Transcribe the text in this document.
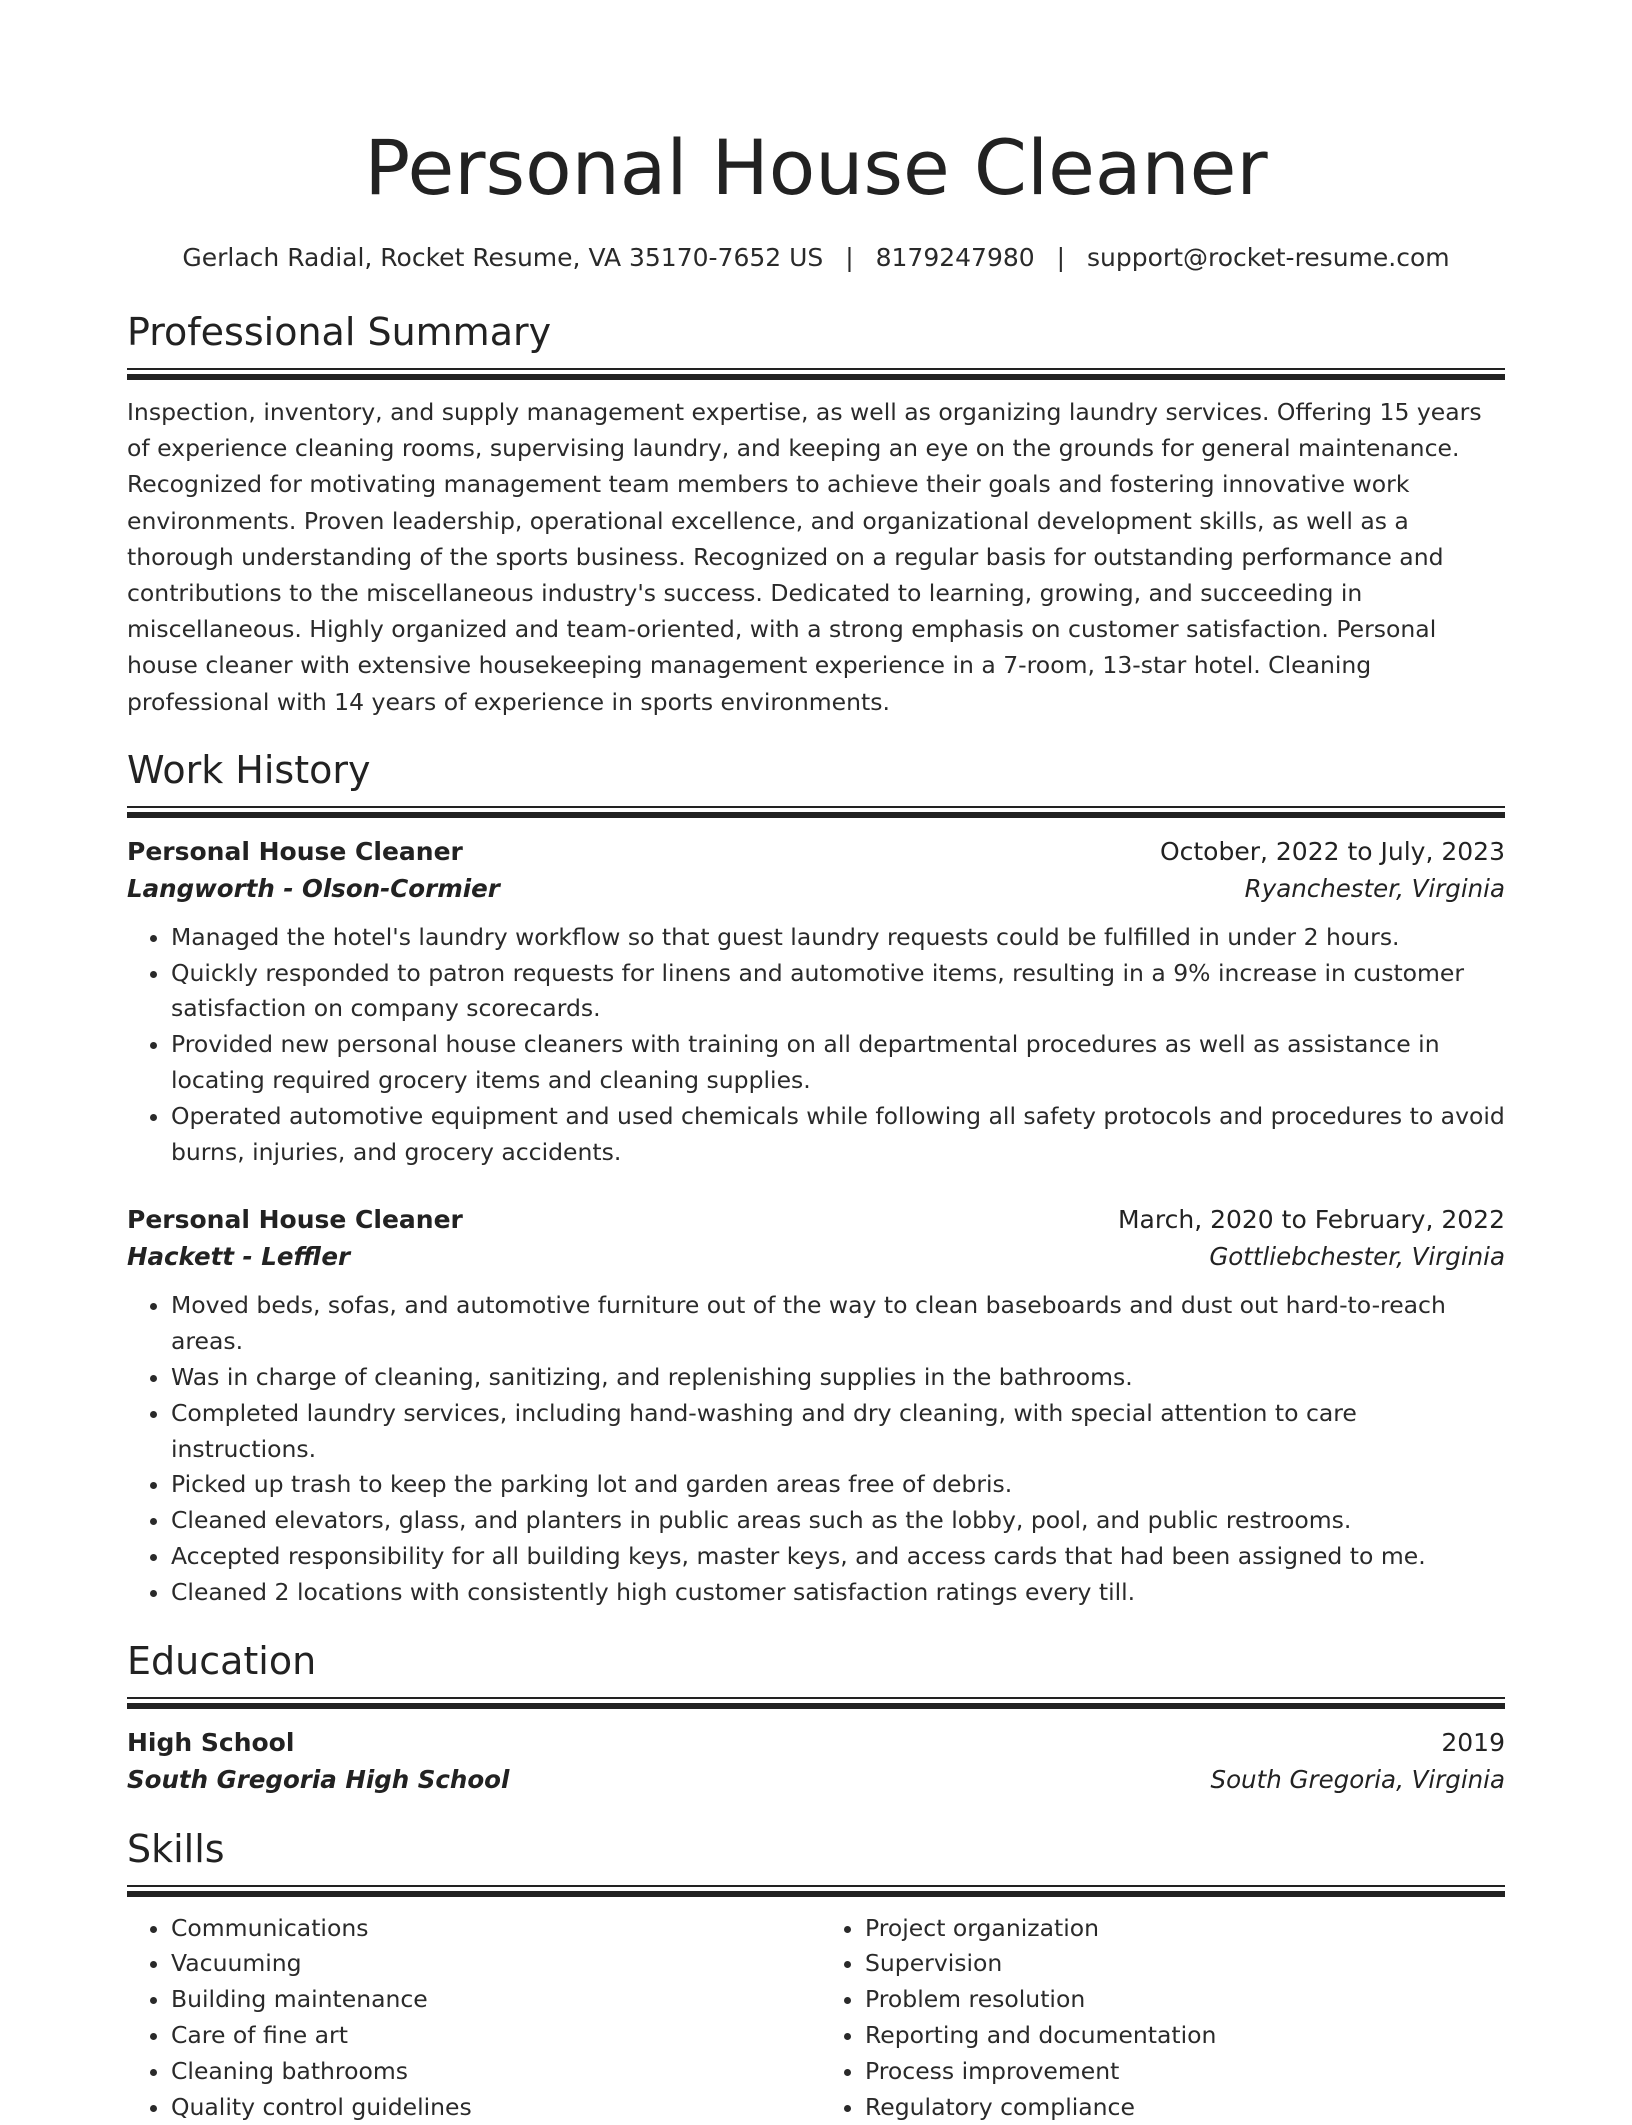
Personal House Cleaner
Gerlach Radial, Rocket Resume, VA 35170-7652 US | 8179247980 | support@rocket-resume.com
Professional Summary
Inspection, inventory, and supply management expertise, as well as organizing laundry services. Offering 15 years of experience cleaning rooms, supervising laundry, and keeping an eye on the grounds for general maintenance. Recognized for motivating management team members to achieve their goals and fostering innovative work environments. Proven leadership, operational excellence, and organizational development skills, as well as a thorough understanding of the sports business. Recognized on a regular basis for outstanding performance and contributions to the miscellaneous industry's success. Dedicated to learning, growing, and succeeding in miscellaneous. Highly organized and team-oriented, with a strong emphasis on customer satisfaction. Personal house cleaner with extensive housekeeping management experience in a 7-room, 13-star hotel. Cleaning professional with 14 years of experience in sports environments.
Work History
Personal House Cleaner	October, 2022 to July, 2023
Langworth - Olson-Cormier	Ryanchester, Virginia
• Managed the hotel's laundry workflow so that guest laundry requests could be fulfilled in under 2 hours.
• Quickly responded to patron requests for linens and automotive items, resulting in a 9% increase in customer satisfaction on company scorecards.
• Provided new personal house cleaners with training on all departmental procedures as well as assistance in locating required grocery items and cleaning supplies.
• Operated automotive equipment and used chemicals while following all safety protocols and procedures to avoid burns, injuries, and grocery accidents.
Personal House Cleaner	March, 2020 to February, 2022
Hackett - Leffler	Gottliebchester, Virginia
• Moved beds, sofas, and automotive furniture out of the way to clean baseboards and dust out hard-to-reach areas.
• Was in charge of cleaning, sanitizing, and replenishing supplies in the bathrooms.
• Completed laundry services, including hand-washing and dry cleaning, with special attention to care instructions.
• Picked up trash to keep the parking lot and garden areas free of debris.
• Cleaned elevators, glass, and planters in public areas such as the lobby, pool, and public restrooms.
• Accepted responsibility for all building keys, master keys, and access cards that had been assigned to me.
• Cleaned 2 locations with consistently high customer satisfaction ratings every till.
Education
High School	2019
South Gregoria High School	South Gregoria, Virginia
Skills
• Communications
• Vacuuming
• Building maintenance
• Care of fine art
• Cleaning bathrooms
• Quality control guidelines
• Project organization
• Supervision
• Problem resolution
• Reporting and documentation
• Process improvement
• Regulatory compliance
